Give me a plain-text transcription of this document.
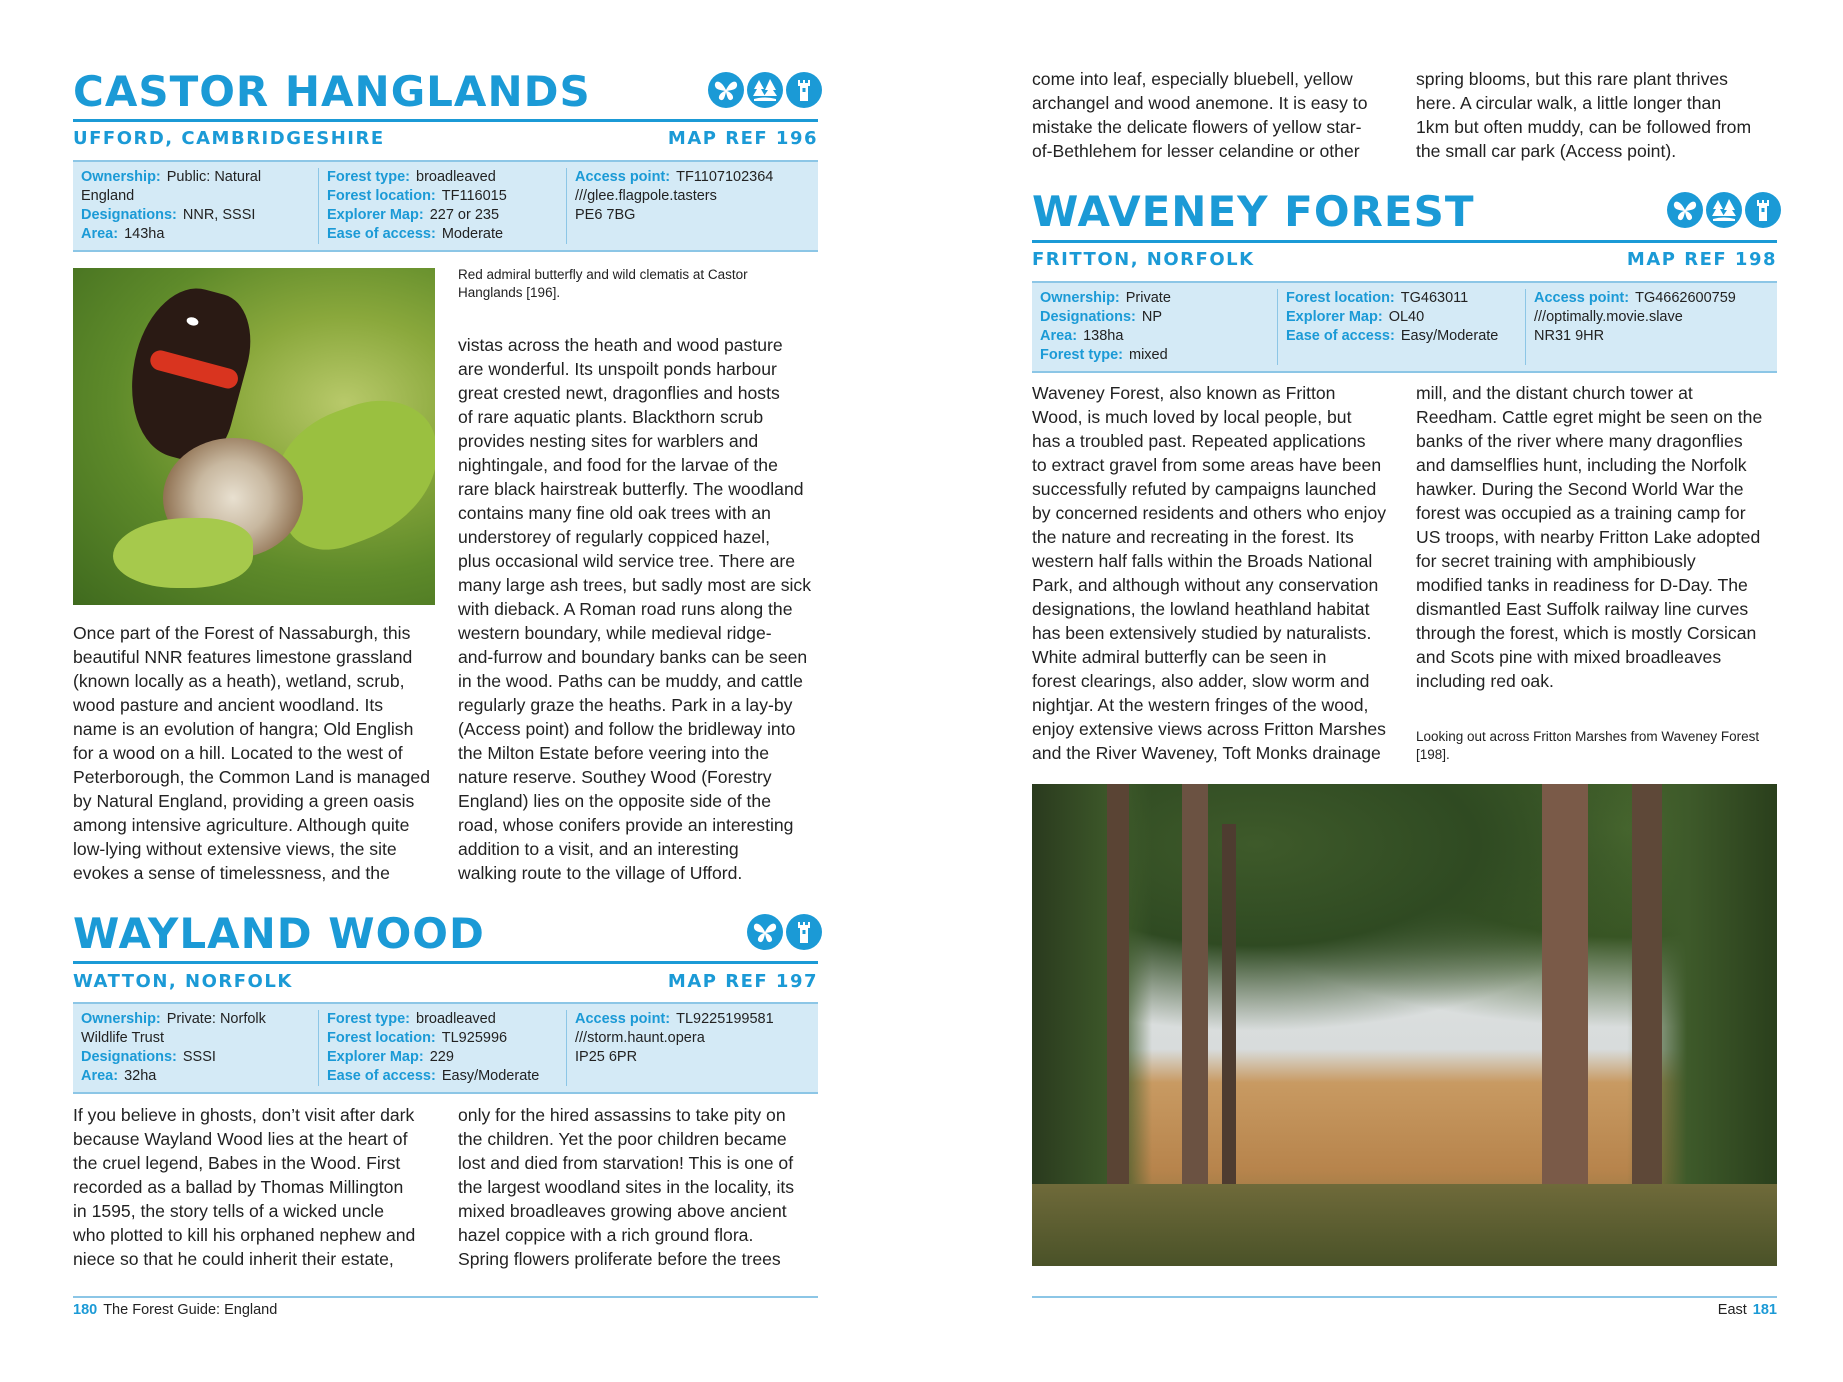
CASTOR HANGLANDS
UFFORD, CAMBRIDGESHIRE	MAP REF 196
Ownership: Public: Natural England
Designations: NNR, SSSI
Area: 143ha
Forest type: broadleaved
Forest location: TF116015
Explorer Map: 227 or 235
Ease of access: Moderate
Access point: TF1107102364
///glee.flagpole.tasters
PE6 7BG
Red admiral butterfly and wild clematis at Castor Hanglands [196].
Once part of the Forest of Nassaburgh, this
beautiful NNR features limestone grassland
(known locally as a heath), wetland, scrub,
wood pasture and ancient woodland. Its
name is an evolution of hangra; Old English
for a wood on a hill. Located to the west of
Peterborough, the Common Land is managed
by Natural England, providing a green oasis
among intensive agriculture. Although quite
low-lying without extensive views, the site
evokes a sense of timelessness, and the
vistas across the heath and wood pasture
are wonderful. Its unspoilt ponds harbour
great crested newt, dragonflies and hosts
of rare aquatic plants. Blackthorn scrub
provides nesting sites for warblers and
nightingale, and food for the larvae of the
rare black hairstreak butterfly. The woodland
contains many fine old oak trees with an
understorey of regularly coppiced hazel,
plus occasional wild service tree. There are
many large ash trees, but sadly most are sick
with dieback. A Roman road runs along the
western boundary, while medieval ridge-
and-furrow and boundary banks can be seen
in the wood. Paths can be muddy, and cattle
regularly graze the heaths. Park in a lay-by
(Access point) and follow the bridleway into
the Milton Estate before veering into the
nature reserve. Southey Wood (Forestry
England) lies on the opposite side of the
road, whose conifers provide an interesting
addition to a visit, and an interesting
walking route to the village of Ufford.
WAYLAND WOOD
WATTON, NORFOLK	MAP REF 197
Ownership: Private: Norfolk Wildlife Trust
Designations: SSSI
Area: 32ha
Forest type: broadleaved
Forest location: TL925996
Explorer Map: 229
Ease of access: Easy/Moderate
Access point: TL9225199581
///storm.haunt.opera
IP25 6PR
If you believe in ghosts, don’t visit after dark
because Wayland Wood lies at the heart of
the cruel legend, Babes in the Wood. First
recorded as a ballad by Thomas Millington
in 1595, the story tells of a wicked uncle
who plotted to kill his orphaned nephew and
niece so that he could inherit their estate,
only for the hired assassins to take pity on
the children. Yet the poor children became
lost and died from starvation! This is one of
the largest woodland sites in the locality, its
mixed broadleaves growing above ancient
hazel coppice with a rich ground flora.
Spring flowers proliferate before the trees
come into leaf, especially bluebell, yellow
archangel and wood anemone. It is easy to
mistake the delicate flowers of yellow star-
of-Bethlehem for lesser celandine or other
spring blooms, but this rare plant thrives
here. A circular walk, a little longer than
1km but often muddy, can be followed from
the small car park (Access point).
WAVENEY FOREST
FRITTON, NORFOLK	MAP REF 198
Ownership: Private
Designations: NP
Area: 138ha
Forest type: mixed
Forest location: TG463011
Explorer Map: OL40
Ease of access: Easy/Moderate
Access point: TG4662600759
///optimally.movie.slave
NR31 9HR
Waveney Forest, also known as Fritton
Wood, is much loved by local people, but
has a troubled past. Repeated applications
to extract gravel from some areas have been
successfully refuted by campaigns launched
by concerned residents and others who enjoy
the nature and recreating in the forest. Its
western half falls within the Broads National
Park, and although without any conservation
designations, the lowland heathland habitat
has been extensively studied by naturalists.
White admiral butterfly can be seen in
forest clearings, also adder, slow worm and
nightjar. At the western fringes of the wood,
enjoy extensive views across Fritton Marshes
and the River Waveney, Toft Monks drainage
mill, and the distant church tower at
Reedham. Cattle egret might be seen on the
banks of the river where many dragonflies
and damselflies hunt, including the Norfolk
hawker. During the Second World War the
forest was occupied as a training camp for
US troops, with nearby Fritton Lake adopted
for secret training with amphibiously
modified tanks in readiness for D-Day. The
dismantled East Suffolk railway line curves
through the forest, which is mostly Corsican
and Scots pine with mixed broadleaves
including red oak.
Looking out across Fritton Marshes from Waveney Forest [198].
180 The Forest Guide: England	East 181
